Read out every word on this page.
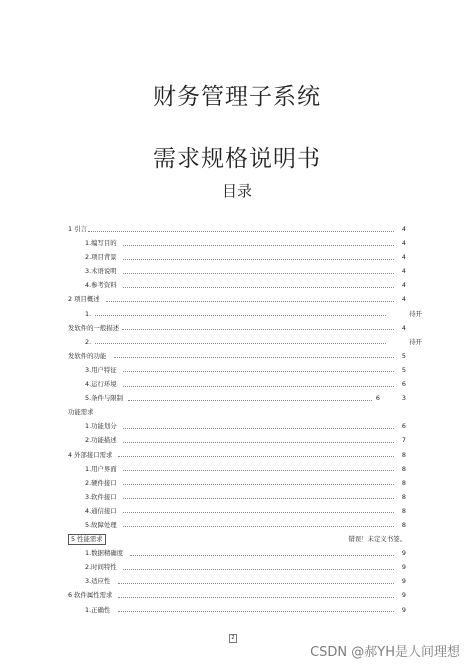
财务管理子系统
需求规格说明书
目录
1 引言	4
1.编写目的	4
2.项目背景	4
3.术语说明	4
4.参考资料	4
2 项目概述	4
1.	待开
发软件的一般描述	4
2.	待开
发软件的功能	5
3.用户特征	5
4.运行环境	6
5.条件与限制	6	3
功能需求
1.功能划分	6
2.功能描述	7
4 外部接口需求	8
1.用户界面	8
2.硬件接口	8
3.软件接口	8
4.通信接口	8
5.故障处理	8
5 性能需求	错误！未定义书签。
1.数据精确度	9
2.时间特性	9
3.适应性	9
6 软件属性需求	9
1.正确性	9
2
CSDN @郝YH是人间理想
